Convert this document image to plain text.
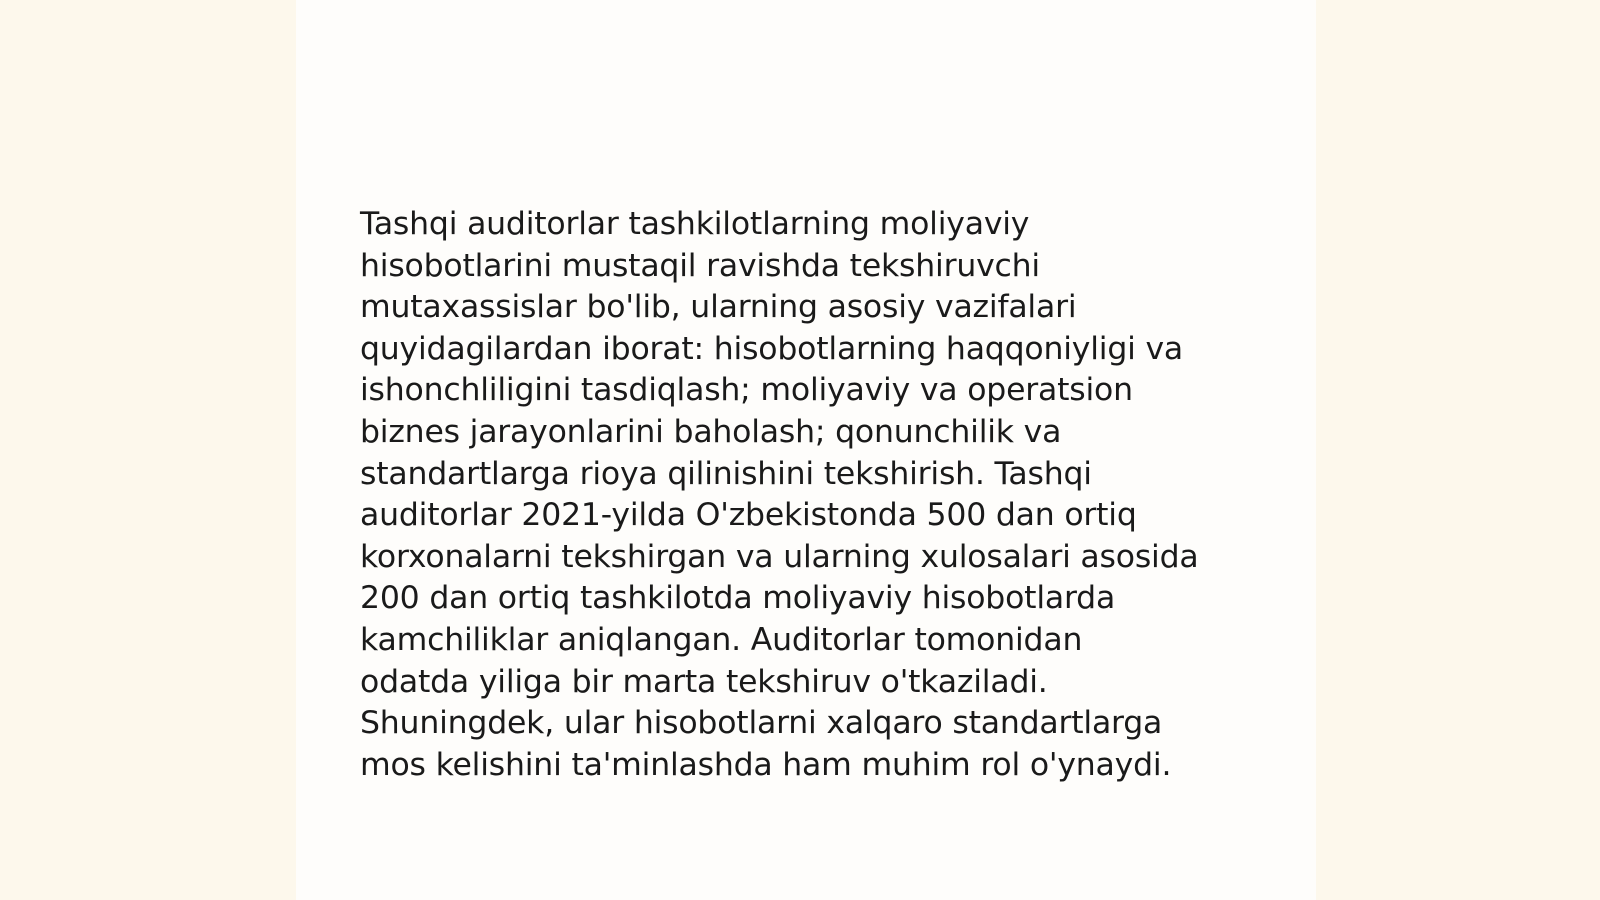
Tashqi auditorlar tashkilotlarning moliyaviy
hisobotlarini mustaqil ravishda tekshiruvchi
mutaxassislar bo'lib, ularning asosiy vazifalari
quyidagilardan iborat: hisobotlarning haqqoniyligi va
ishonchliligini tasdiqlash; moliyaviy va operatsion
biznes jarayonlarini baholash; qonunchilik va
standartlarga rioya qilinishini tekshirish. Tashqi
auditorlar 2021-yilda O'zbekistonda 500 dan ortiq
korxonalarni tekshirgan va ularning xulosalari asosida
200 dan ortiq tashkilotda moliyaviy hisobotlarda
kamchiliklar aniqlangan. Auditorlar tomonidan
odatda yiliga bir marta tekshiruv o'tkaziladi.
Shuningdek, ular hisobotlarni xalqaro standartlarga
mos kelishini ta'minlashda ham muhim rol o'ynaydi.
